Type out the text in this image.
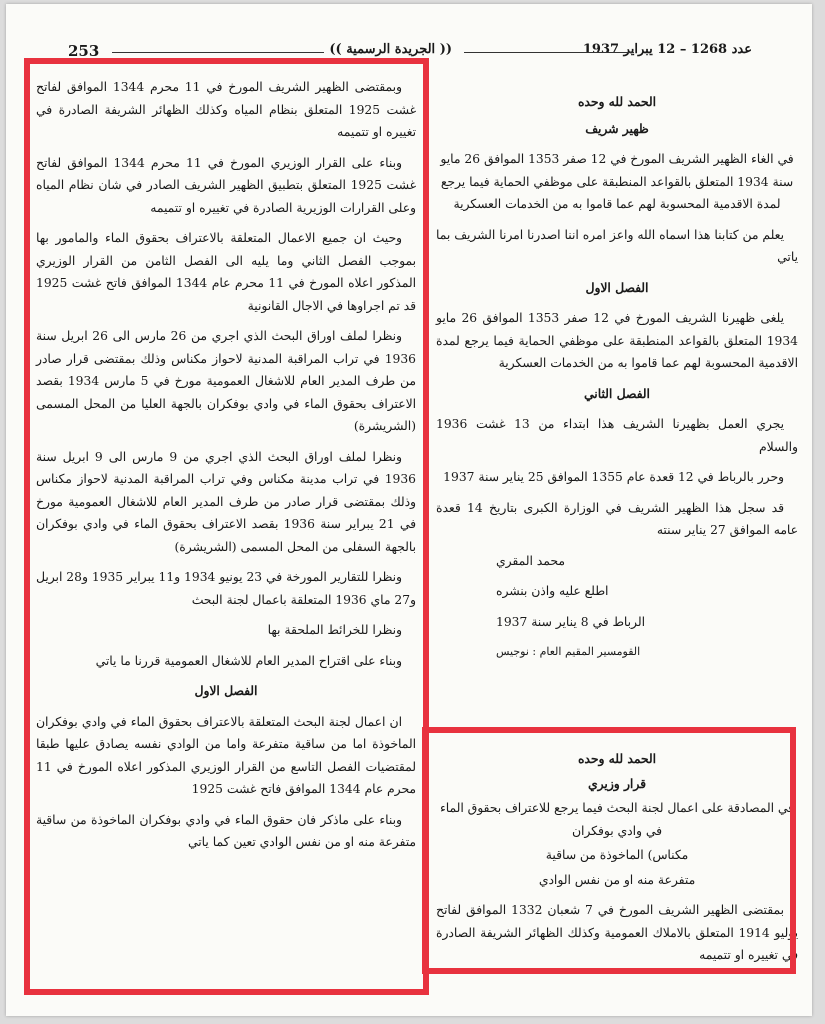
عدد 1268 – 12 يبراير 1937
(( الجريدة الرسمية ))
253

وبمقتضى الظهير الشريف المورخ في 11 محرم 1344 الموافق لفاتح غشت 1925 المتعلق بنظام المياه وكذلك الظهائر الشريفة الصادرة في تغييره او تتميمه

وبناء على القرار الوزيري المورخ في 11 محرم 1344 الموافق لفاتح غشت 1925 المتعلق بتطبيق الظهير الشريف الصادر في شان نظام المياه وعلى القرارات الوزيرية الصادرة في تغييره او تتميمه

وحيث ان جميع الاعمال المتعلقة بالاعتراف بحقوق الماء والمامور بها بموجب الفصل الثاني وما يليه الى الفصل الثامن من القرار الوزيري المذكور اعلاه المورخ في 11 محرم عام 1344 الموافق فاتح غشت 1925 قد تم اجراوها في الاجال القانونية

ونظرا لملف اوراق البحث الذي اجري من 26 مارس الى 26 ابريل سنة 1936 في تراب المراقبة المدنية لاحواز مكناس وذلك بمقتضى قرار صادر من طرف المدير العام للاشغال العمومية مورخ في 5 مارس 1934 بقصد الاعتراف بحقوق الماء في وادي بوفكران بالجهة العليا من المحل المسمى (الشريشرة)

ونظرا لملف اوراق البحث الذي اجري من 9 مارس الى 9 ابريل سنة 1936 في تراب مدينة مكناس وفي تراب المراقبة المدنية لاحواز مكناس وذلك بمقتضى قرار صادر من طرف المدير العام للاشغال العمومية مورخ في 21 يبراير سنة 1936 بقصد الاعتراف بحقوق الماء في وادي بوفكران بالجهة السفلى من المحل المسمى (الشريشرة)

ونظرا للتقارير المورخة في 23 يونيو 1934 و11 يبراير 1935 و28 ابريل و27 ماي 1936 المتعلقة باعمال لجنة البحث

ونظرا للخرائط الملحقة بها

وبناء على اقتراح المدير العام للاشغال العمومية قررنا ما ياتي

الفصل الاول

ان اعمال لجنة البحث المتعلقة بالاعتراف بحقوق الماء في وادي بوفكران الماخوذة اما من ساقية متفرعة واما من الوادي نفسه يصادق عليها طبقا لمقتضيات الفصل التاسع من القرار الوزيري المذكور اعلاه المورخ في 11 محرم عام 1344 الموافق فاتح غشت 1925

وبناء على ماذكر فان حقوق الماء في وادي بوفكران الماخوذة من ساقية متفرعة منه او من نفس الوادي تعين كما ياتي

الحمد لله وحده

ظهير شريف

في الغاء الظهير الشريف المورخ في 12 صفر 1353 الموافق 26 مايو سنة 1934 المتعلق بالقواعد المنطبقة على موظفي الحماية فيما يرجع لمدة الاقدمية المحسوبة لهم عما قاموا به من الخدمات العسكرية

يعلم من كتابنا هذا اسماه الله واعز امره اننا اصدرنا امرنا الشريف بما ياتي

الفصل الاول

يلغى ظهيرنا الشريف المورخ في 12 صفر 1353 الموافق 26 مايو 1934 المتعلق بالقواعد المنطبقة على موظفي الحماية فيما يرجع لمدة الاقدمية المحسوبة لهم عما قاموا به من الخدمات العسكرية

الفصل الثاني

يجري العمل بظهيرنا الشريف هذا ابتداء من 13 غشت 1936 والسلام

وحرر بالرباط في 12 قعدة عام 1355 الموافق 25 يناير سنة 1937

قد سجل هذا الظهير الشريف في الوزارة الكبرى بتاريخ 14 قعدة عامه الموافق 27 يناير سنته

محمد المقري

اطلع عليه واذن بنشره

الرباط في 8 يناير سنة 1937

القومسير المقيم العام : نوجيس

الحمد لله وحده

قرار وزيري

في المصادقة على اعمال لجنة البحث فيما يرجع للاعتراف بحقوق الماء في وادي بوفكران

مكناس) الماخوذة من ساقية

متفرعة منه او من نفس الوادي

بمقتضى الظهير الشريف المورخ في 7 شعبان 1332 الموافق لفاتح يوليو 1914 المتعلق بالاملاك العمومية وكذلك الظهائر الشريفة الصادرة في تغييره او تتميمه
